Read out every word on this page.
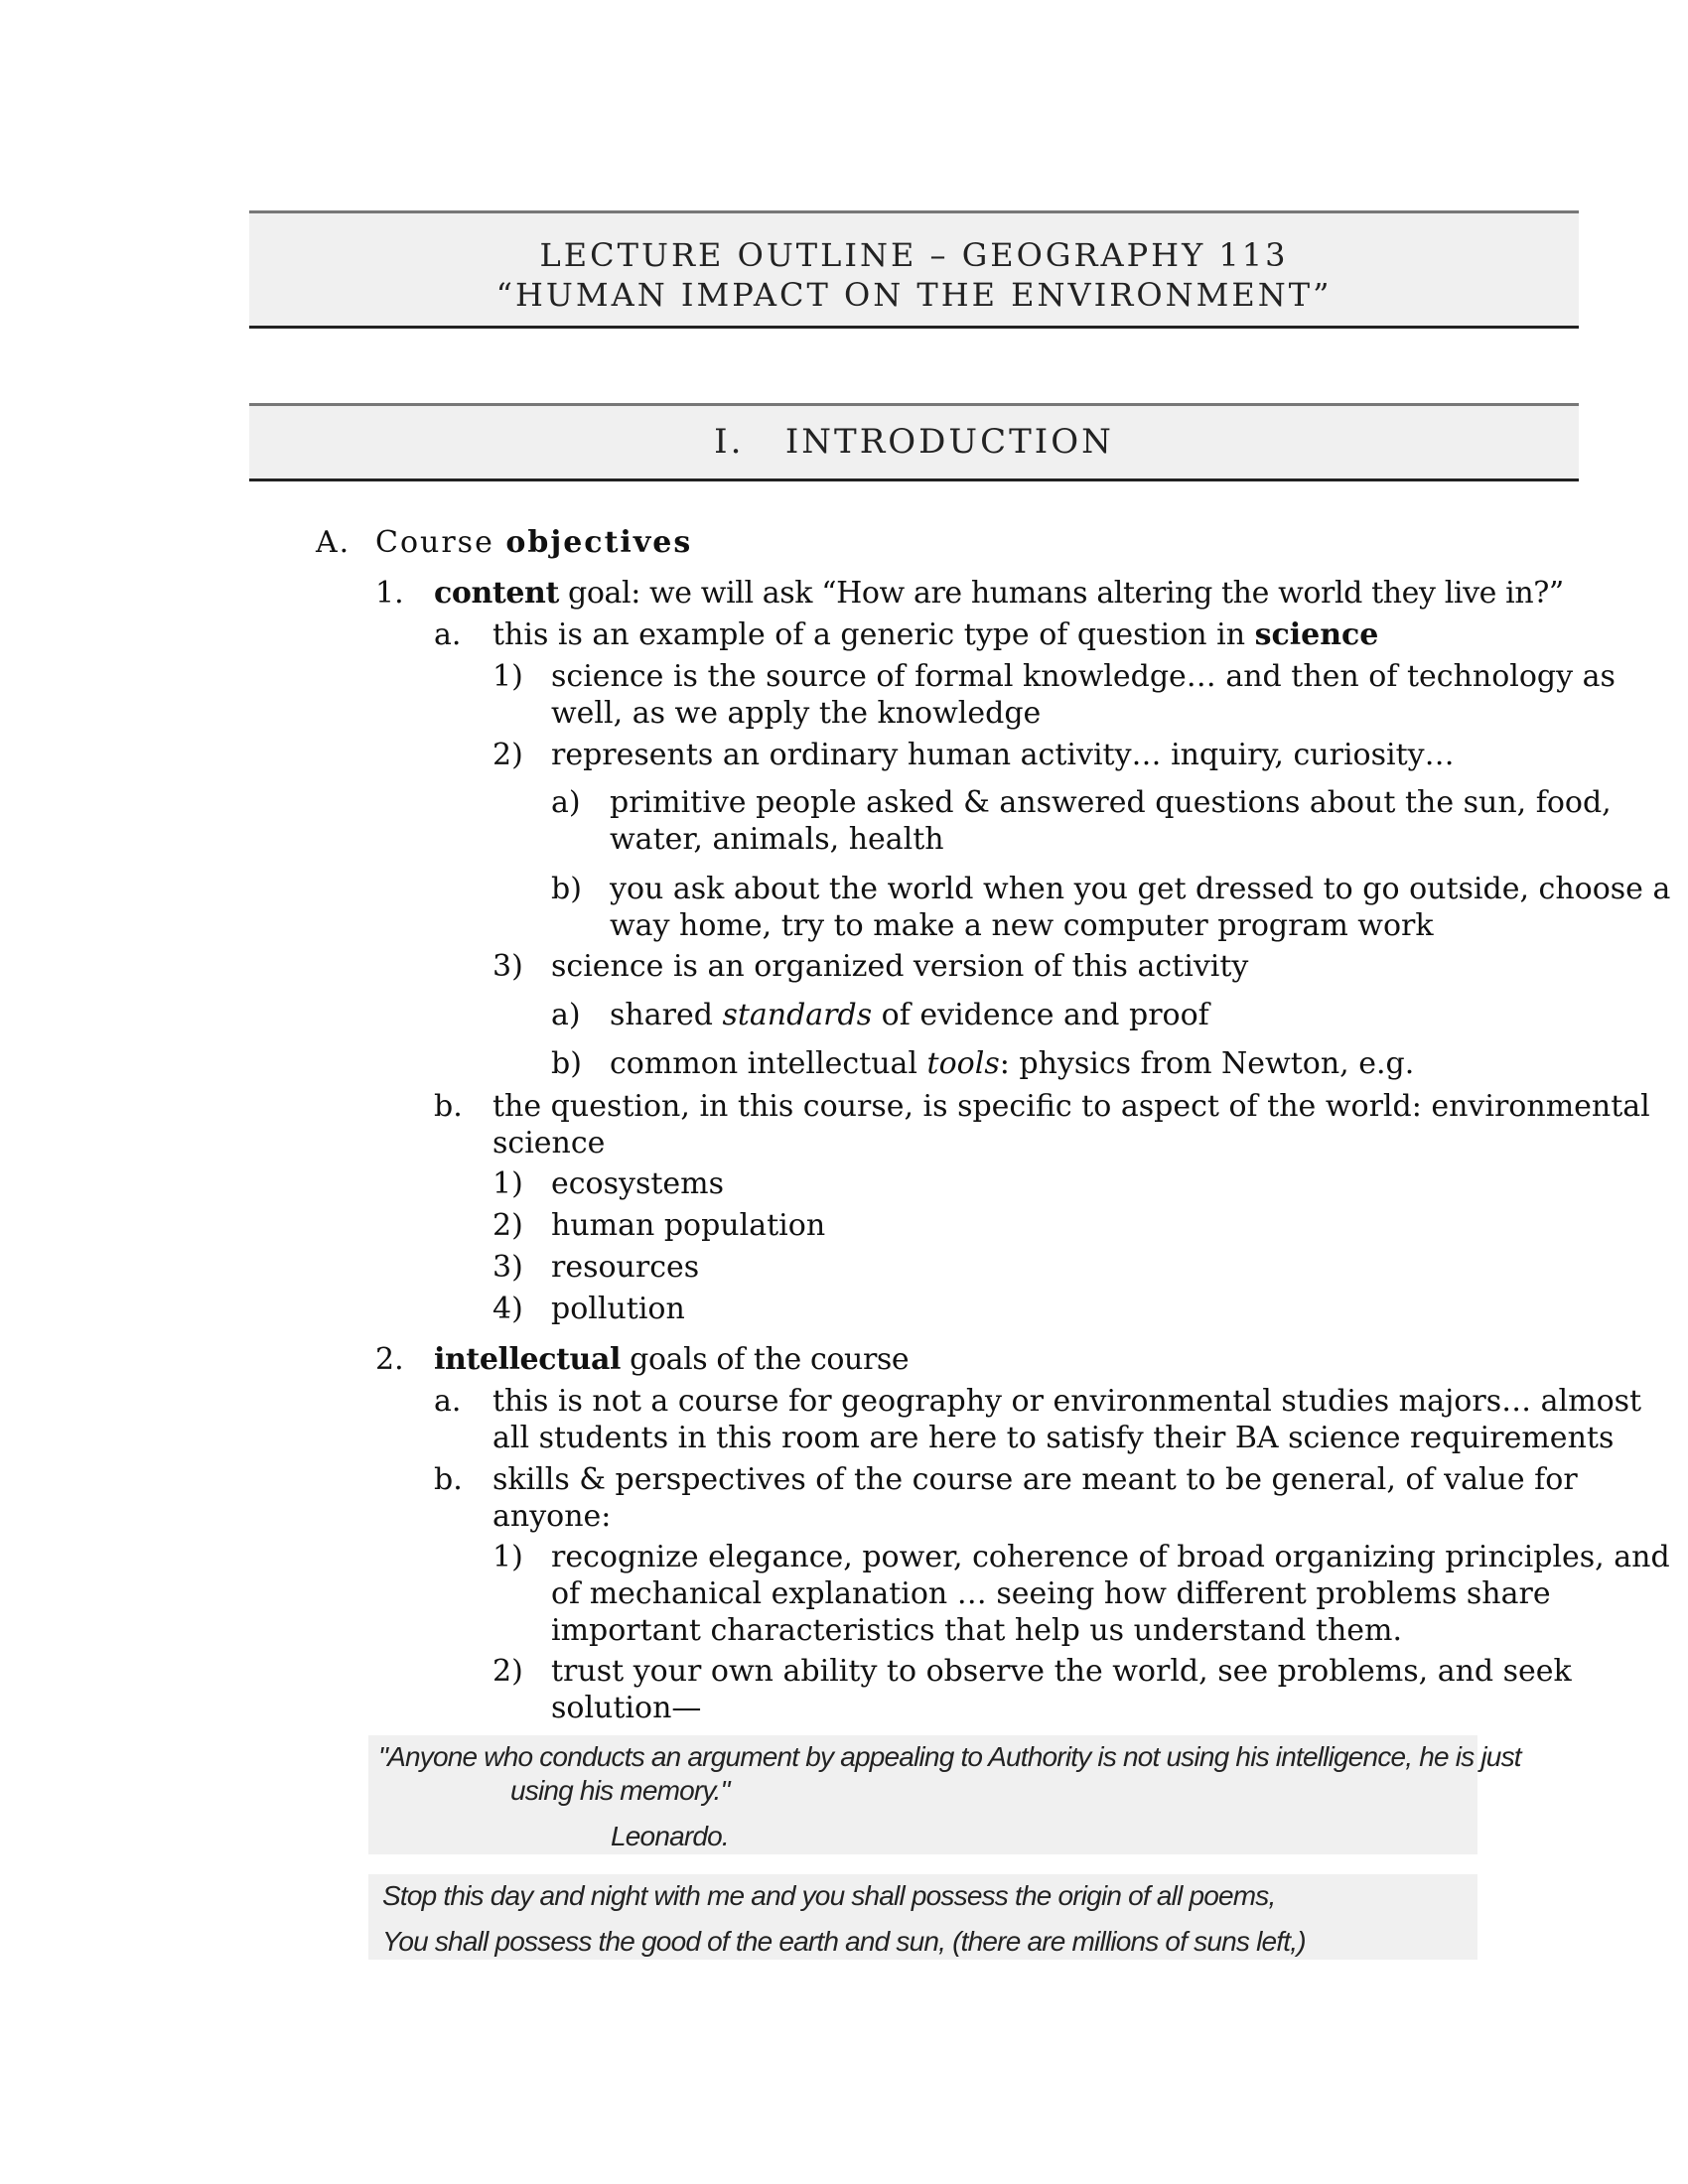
LECTURE OUTLINE – GEOGRAPHY 113
“HUMAN IMPACT ON THE ENVIRONMENT”
I. INTRODUCTION
A. Course objectives
1. content goal: we will ask “How are humans altering the world they live in?”
a. this is an example of a generic type of question in science
1) science is the source of formal knowledge… and then of technology as
well, as we apply the knowledge
2) represents an ordinary human activity… inquiry, curiosity…
a) primitive people asked & answered questions about the sun, food,
water, animals, health
b) you ask about the world when you get dressed to go outside, choose a
way home, try to make a new computer program work
3) science is an organized version of this activity
a) shared standards of evidence and proof
b) common intellectual tools: physics from Newton, e.g.
b. the question, in this course, is specific to aspect of the world: environmental
science
1) ecosystems
2) human population
3) resources
4) pollution
2. intellectual goals of the course
a. this is not a course for geography or environmental studies majors… almost
all students in this room are here to satisfy their BA science requirements
b. skills & perspectives of the course are meant to be general, of value for
anyone:
1) recognize elegance, power, coherence of broad organizing principles, and
of mechanical explanation … seeing how different problems share
important characteristics that help us understand them.
2) trust your own ability to observe the world, see problems, and seek
solution—
"Anyone who conducts an argument by appealing to Authority is not using his intelligence, he is just
using his memory."
Leonardo.
Stop this day and night with me and you shall possess the origin of all poems,
You shall possess the good of the earth and sun, (there are millions of suns left,)
